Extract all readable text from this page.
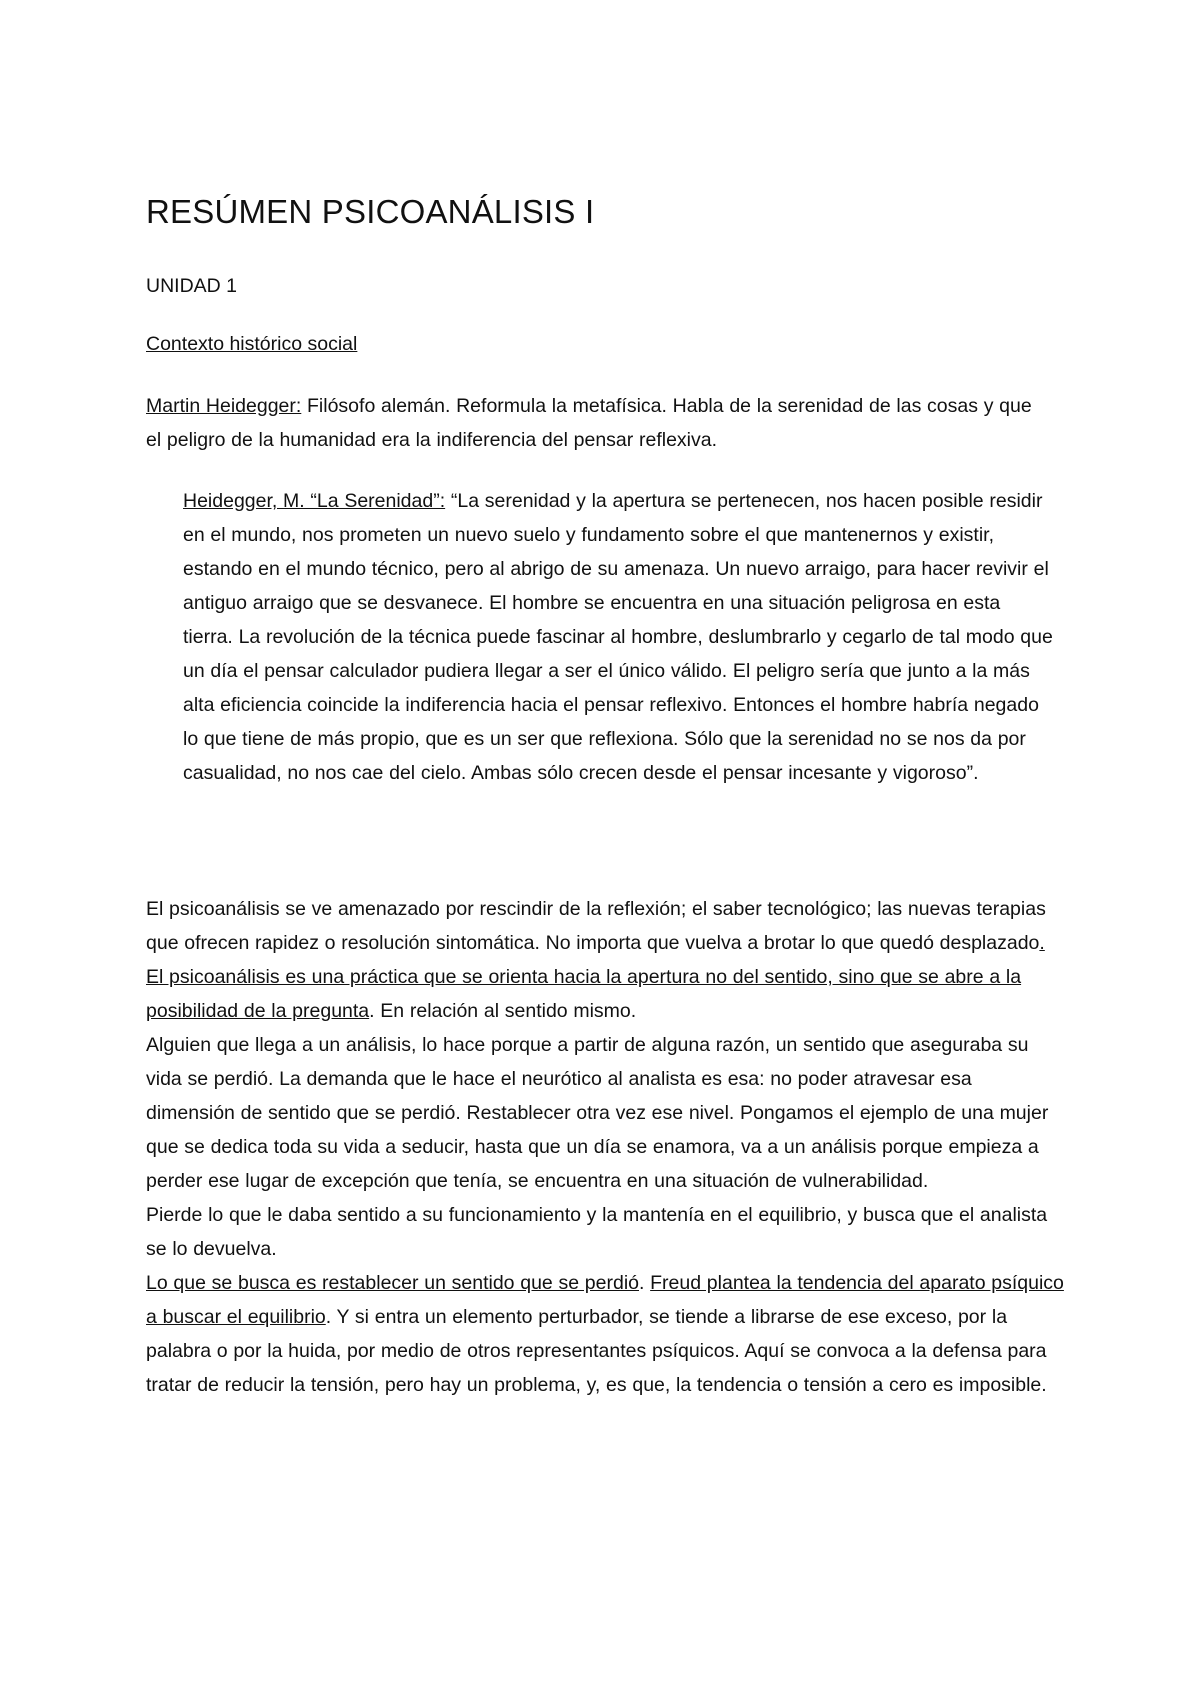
RESÚMEN PSICOANÁLISIS I

UNIDAD 1

Contexto histórico social

Martin Heidegger: Filósofo alemán. Reformula la metafísica. Habla de la serenidad de las cosas y que el peligro de la humanidad era la indiferencia del pensar reflexiva.

Heidegger, M. “La Serenidad”: “La serenidad y la apertura se pertenecen, nos hacen posible residir en el mundo, nos prometen un nuevo suelo y fundamento sobre el que mantenernos y existir, estando en el mundo técnico, pero al abrigo de su amenaza. Un nuevo arraigo, para hacer revivir el antiguo arraigo que se desvanece. El hombre se encuentra en una situación peligrosa en esta tierra. La revolución de la técnica puede fascinar al hombre, deslumbrarlo y cegarlo de tal modo que un día el pensar calculador pudiera llegar a ser el único válido. El peligro sería que junto a la más alta eficiencia coincide la indiferencia hacia el pensar reflexivo. Entonces el hombre habría negado lo que tiene de más propio, que es un ser que reflexiona. Sólo que la serenidad no se nos da por casualidad, no nos cae del cielo. Ambas sólo crecen desde el pensar incesante y vigoroso”.

El psicoanálisis se ve amenazado por rescindir de la reflexión; el saber tecnológico; las nuevas terapias que ofrecen rapidez o resolución sintomática. No importa que vuelva a brotar lo que quedó desplazado. El psicoanálisis es una práctica que se orienta hacia la apertura no del sentido, sino que se abre a la posibilidad de la pregunta. En relación al sentido mismo.
Alguien que llega a un análisis, lo hace porque a partir de alguna razón, un sentido que aseguraba su vida se perdió. La demanda que le hace el neurótico al analista es esa: no poder atravesar esa dimensión de sentido que se perdió. Restablecer otra vez ese nivel. Pongamos el ejemplo de una mujer que se dedica toda su vida a seducir, hasta que un día se enamora, va a un análisis porque empieza a perder ese lugar de excepción que tenía, se encuentra en una situación de vulnerabilidad.
Pierde lo que le daba sentido a su funcionamiento y la mantenía en el equilibrio, y busca que el analista se lo devuelva.
Lo que se busca es restablecer un sentido que se perdió. Freud plantea la tendencia del aparato psíquico a buscar el equilibrio. Y si entra un elemento perturbador, se tiende a librarse de ese exceso, por la palabra o por la huida, por medio de otros representantes psíquicos. Aquí se convoca a la defensa para tratar de reducir la tensión, pero hay un problema, y, es que, la tendencia o tensión a cero es imposible.
